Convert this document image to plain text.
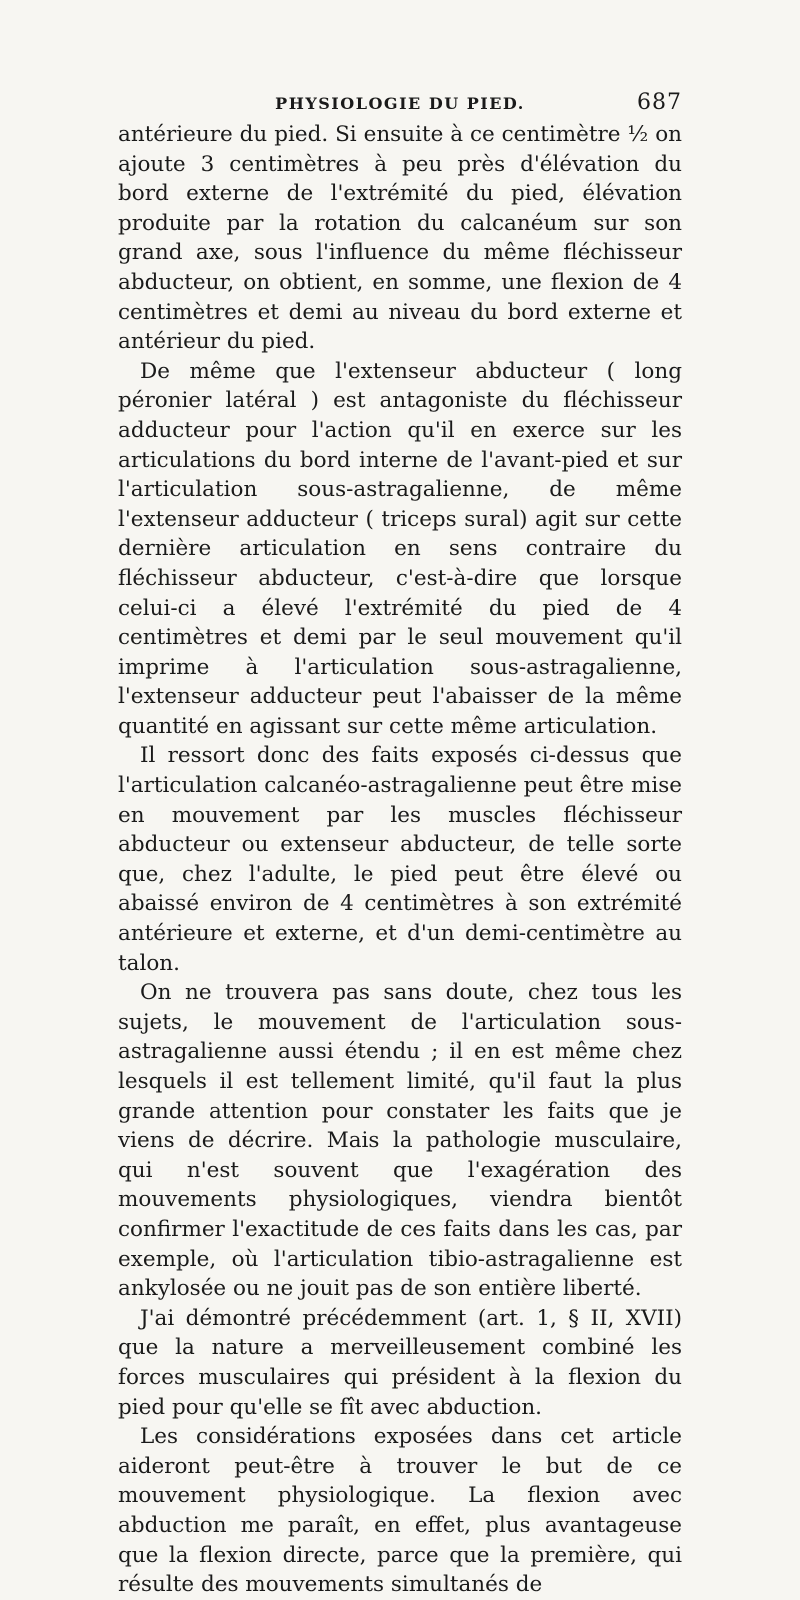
PHYSIOLOGIE DU PIED.	687

antérieure du pied. Si ensuite à ce centimètre ½ on ajoute 3 centimètres à peu près d'élévation du bord externe de l'extrémité du pied, élévation produite par la rotation du calcanéum sur son grand axe, sous l'influence du même fléchisseur abducteur, on obtient, en somme, une flexion de 4 centimètres et demi au niveau du bord externe et antérieur du pied.

De même que l'extenseur abducteur ( long péronier latéral ) est antagoniste du fléchisseur adducteur pour l'action qu'il en exerce sur les articulations du bord interne de l'avant-pied et sur l'articulation sous-astragalienne, de même l'extenseur adducteur ( triceps sural) agit sur cette dernière articulation en sens contraire du fléchisseur abducteur, c'est-à-dire que lorsque celui-ci a élevé l'extrémité du pied de 4 centimètres et demi par le seul mouvement qu'il imprime à l'articulation sous-astragalienne, l'extenseur adducteur peut l'abaisser de la même quantité en agissant sur cette même articulation.

Il ressort donc des faits exposés ci-dessus que l'articulation calcanéo-astragalienne peut être mise en mouvement par les muscles fléchisseur abducteur ou extenseur abducteur, de telle sorte que, chez l'adulte, le pied peut être élevé ou abaissé environ de 4 centimètres à son extrémité antérieure et externe, et d'un demi-centimètre au talon.

On ne trouvera pas sans doute, chez tous les sujets, le mouvement de l'articulation sous-astragalienne aussi étendu ; il en est même chez lesquels il est tellement limité, qu'il faut la plus grande attention pour constater les faits que je viens de décrire. Mais la pathologie musculaire, qui n'est souvent que l'exagération des mouvements physiologiques, viendra bientôt confirmer l'exactitude de ces faits dans les cas, par exemple, où l'articulation tibio-astragalienne est ankylosée ou ne jouit pas de son entière liberté.

J'ai démontré précédemment (art. 1, § II, XVII) que la nature a merveilleusement combiné les forces musculaires qui président à la flexion du pied pour qu'elle se fît avec abduction.

Les considérations exposées dans cet article aideront peut-être à trouver le but de ce mouvement physiologique. La flexion avec abduction me paraît, en effet, plus avantageuse que la flexion directe, parce que la première, qui résulte des mouvements simultanés de
